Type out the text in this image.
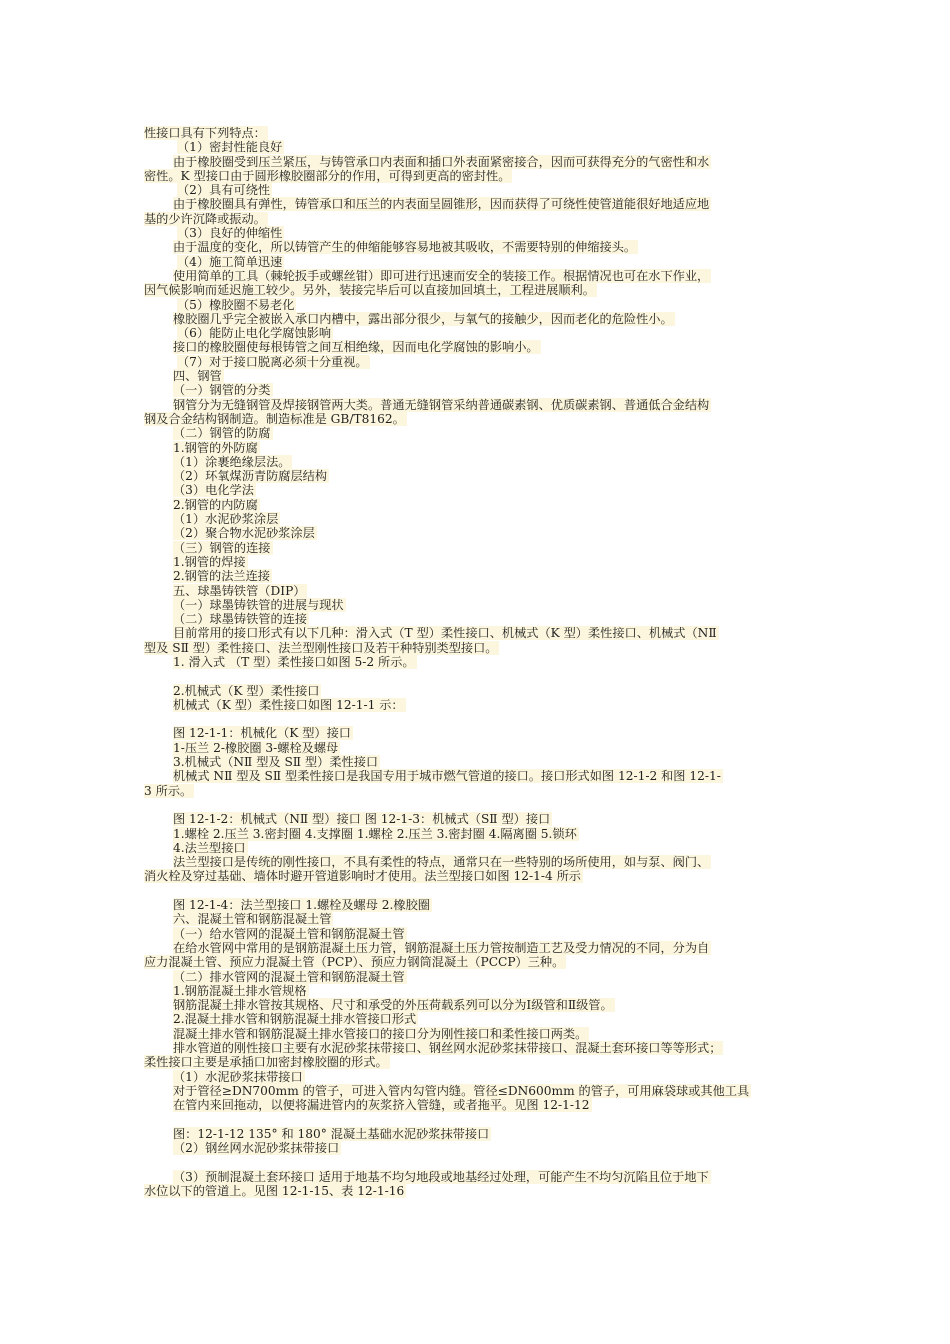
性接口具有下列特点：
（1）密封性能良好
由于橡胶圈受到压兰紧压，与铸管承口内表面和插口外表面紧密接合，因而可获得充分的气密性和水
密性。K 型接口由于圆形橡胶圈部分的作用，可得到更高的密封性。
（2）具有可绕性
由于橡胶圈具有弹性，铸管承口和压兰的内表面呈圆锥形，因而获得了可绕性使管道能很好地适应地
基的少许沉降或振动。
（3）良好的伸缩性
由于温度的变化，所以铸管产生的伸缩能够容易地被其吸收，不需要特别的伸缩接头。
（4）施工简单迅速
使用简单的工具（棘轮扳手或螺丝钳）即可进行迅速而安全的装接工作。根据情况也可在水下作业，
因气候影响而延迟施工较少。另外，装接完毕后可以直接加回填土，工程进展顺利。
（5）橡胶圈不易老化
橡胶圈几乎完全被嵌入承口内槽中，露出部分很少，与氧气的接触少，因而老化的危险性小。
（6）能防止电化学腐蚀影响
接口的橡胶圈使每根铸管之间互相绝缘，因而电化学腐蚀的影响小。
（7）对于接口脱离必须十分重视。
四、钢管
（一）钢管的分类
钢管分为无缝钢管及焊接钢管两大类。普通无缝钢管采纳普通碳素钢、优质碳素钢、普通低合金结构
钢及合金结构钢制造。制造标准是 GB/T8162。
（二）钢管的防腐
1.钢管的外防腐
（1）涂裹绝缘层法。
（2）环氧煤沥青防腐层结构
（3）电化学法
2.钢管的内防腐
（1）水泥砂浆涂层
（2）聚合物水泥砂浆涂层
（三）钢管的连接
1.钢管的焊接
2.钢管的法兰连接
五、球墨铸铁管（DIP）
（一）球墨铸铁管的进展与现状
（二）球墨铸铁管的连接
目前常用的接口形式有以下几种：滑入式（T 型）柔性接口、机械式（K 型）柔性接口、机械式（NⅡ
型及 SⅡ 型）柔性接口、法兰型刚性接口及若干种特别类型接口。
1. 滑入式 （T 型）柔性接口如图 5-2 所示。
2.机械式（K 型）柔性接口
机械式（K 型）柔性接口如图 12-1-1 示：
图 12-1-1：机械化（K 型）接口
1-压兰 2-橡胶圈 3-螺栓及螺母
3.机械式（NⅡ 型及 SⅡ 型）柔性接口
机械式 NⅡ 型及 SⅡ 型柔性接口是我国专用于城市燃气管道的接口。接口形式如图 12-1-2 和图 12-1-
3 所示。
图 12-1-2：机械式（NⅡ 型）接口 图 12-1-3：机械式（SⅡ 型）接口
1.螺栓 2.压兰 3.密封圈 4.支撑圈 1.螺栓 2.压兰 3.密封圈 4.隔离圈 5.锁环
4.法兰型接口
法兰型接口是传统的刚性接口，不具有柔性的特点，通常只在一些特别的场所使用，如与泵、阀门、
消火栓及穿过基础、墙体时避开管道影响时才使用。法兰型接口如图 12-1-4 所示
图 12-1-4：法兰型接口 1.螺栓及螺母 2.橡胶圈
六、混凝土管和钢筋混凝土管
（一）给水管网的混凝土管和钢筋混凝土管
在给水管网中常用的是钢筋混凝土压力管，钢筋混凝土压力管按制造工艺及受力情况的不同，分为自
应力混凝土管、预应力混凝土管（PCP）、预应力钢筒混凝土（PCCP）三种。
（二）排水管网的混凝土管和钢筋混凝土管
1.钢筋混凝土排水管规格
钢筋混凝土排水管按其规格、尺寸和承受的外压荷载系列可以分为Ⅰ级管和Ⅱ级管。
2.混凝土排水管和钢筋混凝土排水管接口形式
混凝土排水管和钢筋混凝土排水管接口的接口分为刚性接口和柔性接口两类。
排水管道的刚性接口主要有水泥砂浆抹带接口、钢丝网水泥砂浆抹带接口、混凝土套环接口等等形式；
柔性接口主要是承插口加密封橡胶圈的形式。
（1）水泥砂浆抹带接口
对于管径≥DN700mm 的管子，可进入管内勾管内缝。管径≤DN600mm 的管子，可用麻袋球或其他工具
在管内来回拖动，以便将漏进管内的灰浆挤入管缝，或者拖平。见图 12-1-12
图：12-1-12 135° 和 180° 混凝土基础水泥砂浆抹带接口
（2）钢丝网水泥砂浆抹带接口
（3）预制混凝土套环接口 适用于地基不均匀地段或地基经过处理，可能产生不均匀沉陷且位于地下
水位以下的管道上。见图 12-1-15、表 12-1-16
